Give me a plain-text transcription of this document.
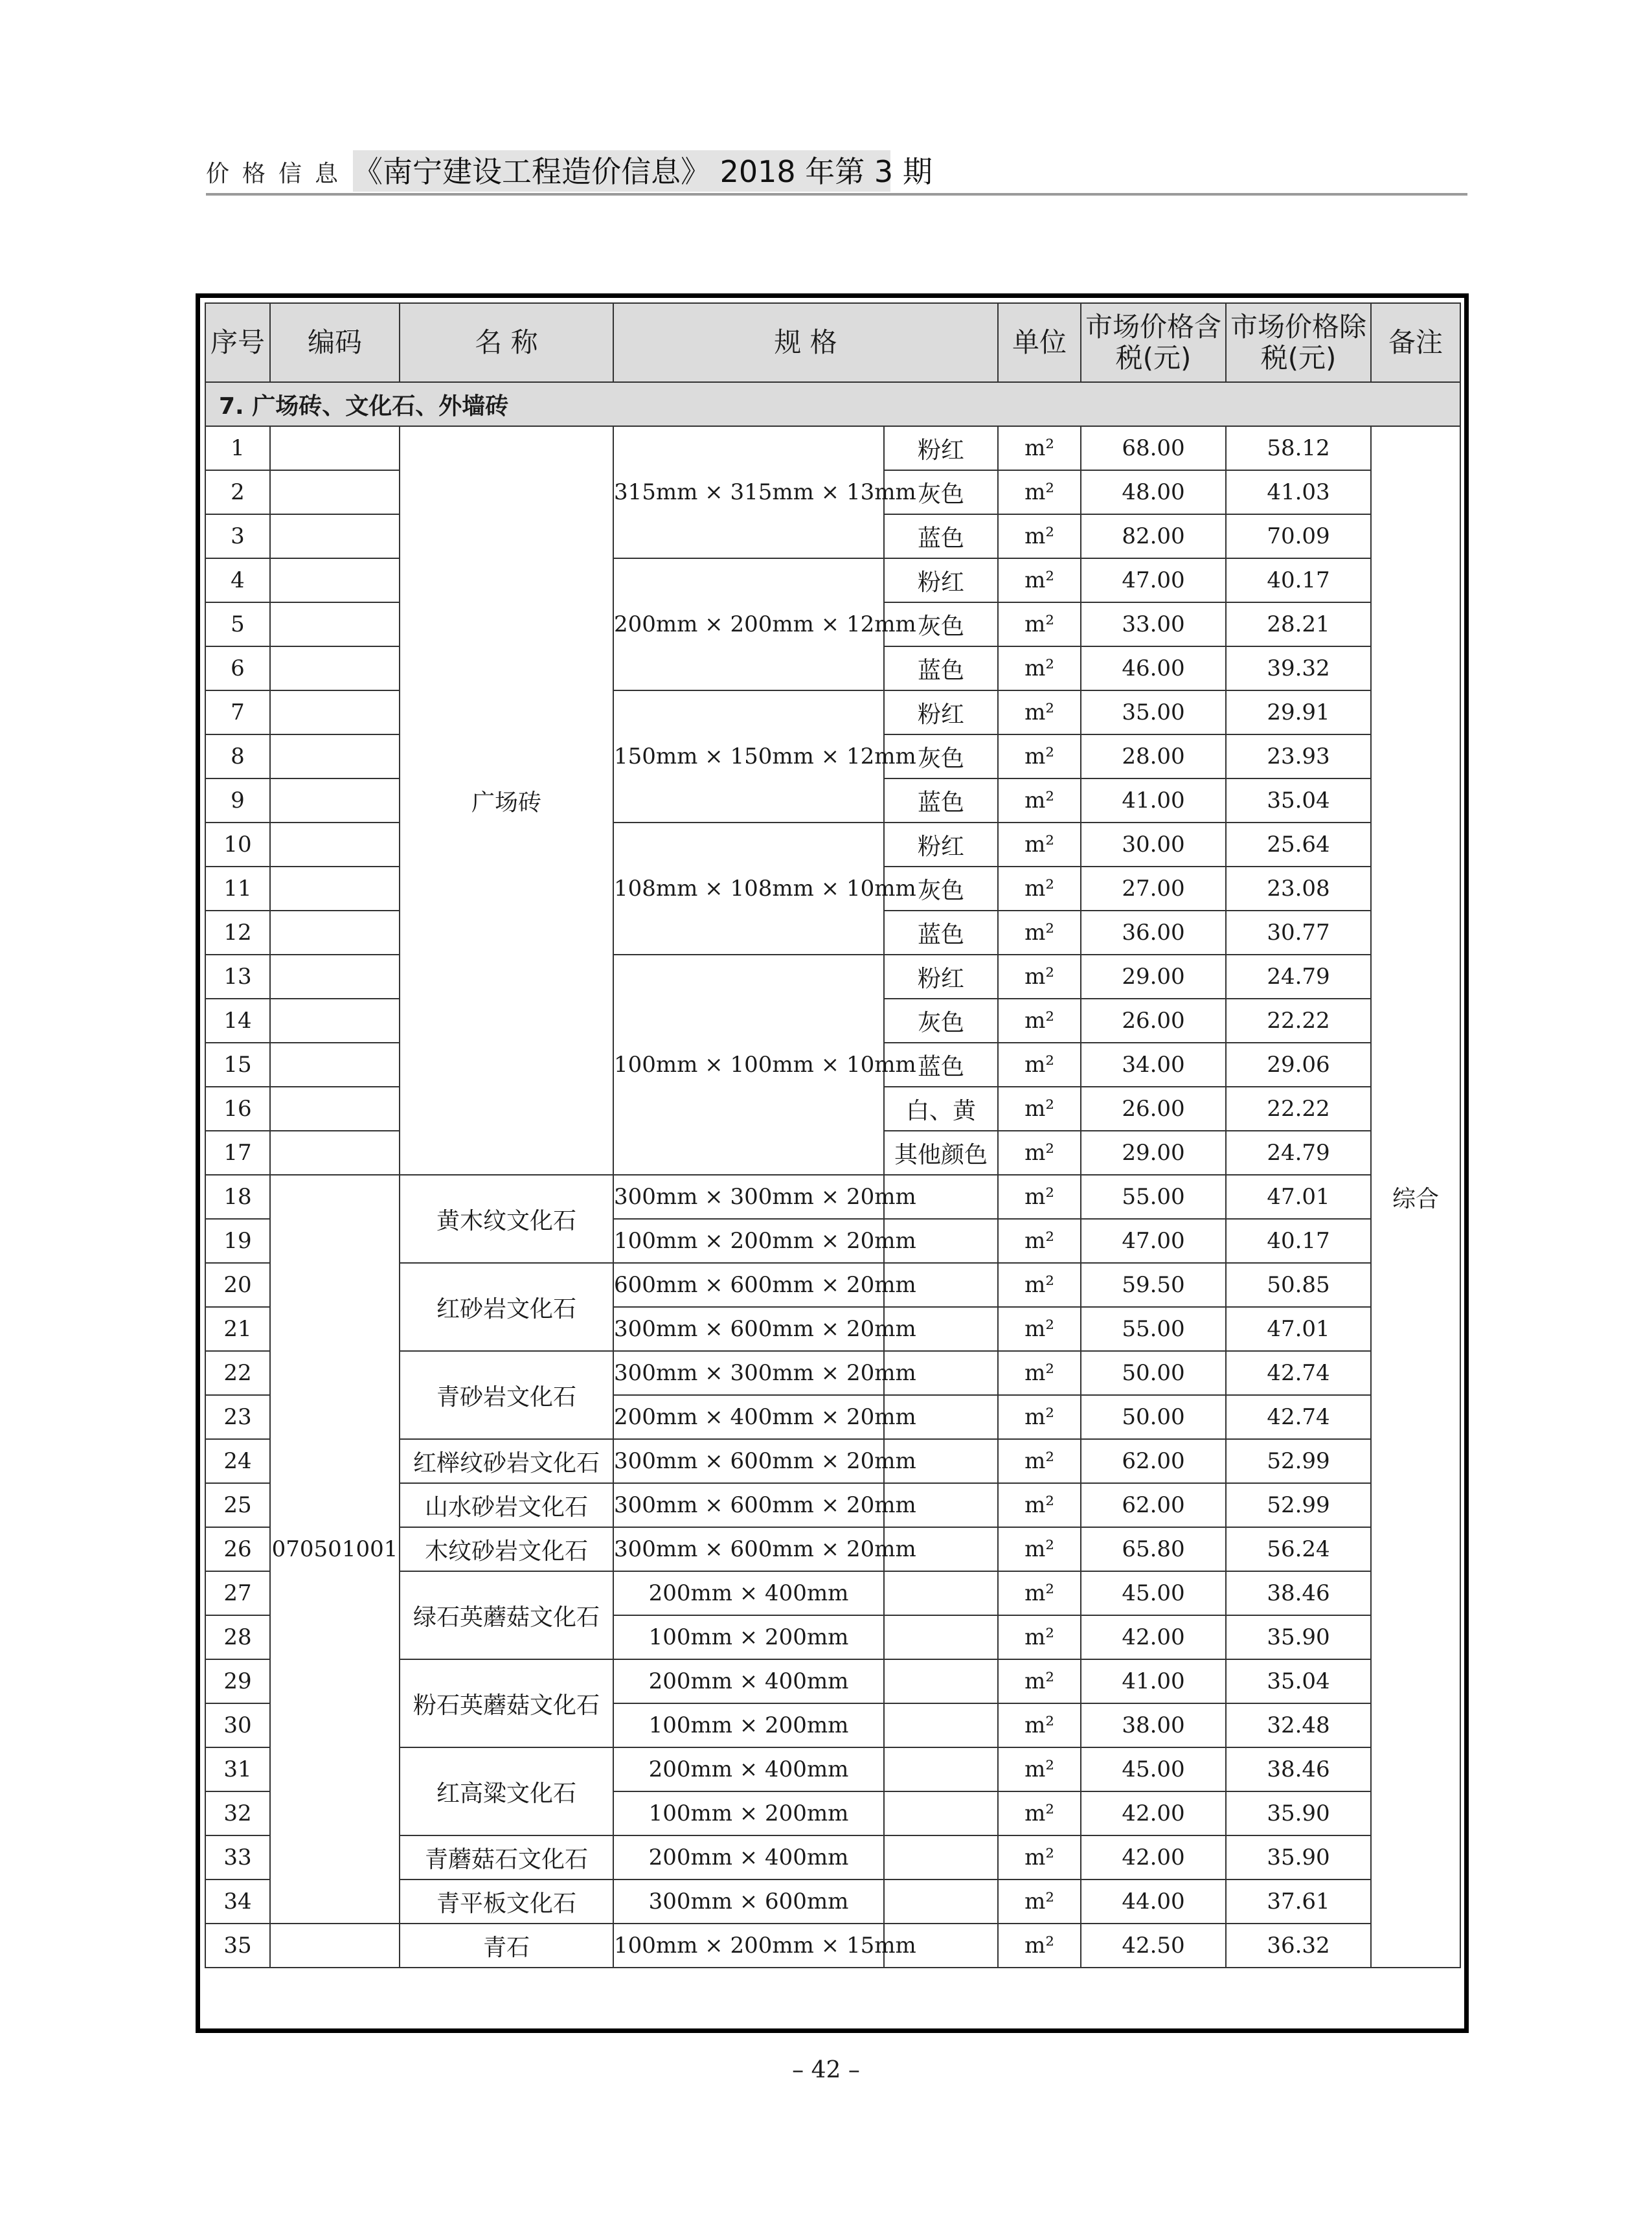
价格信息 《南宁建设工程造价信息》 2018 年第 3 期
序号	编码	名 称	规 格		单位	市场价格含税(元)	市场价格除税(元)	备注
7. 广场砖、文化石、外墙砖								
1		广场砖	315mm × 315mm × 13mm	粉红	m²	68.00	58.12	综合
2				灰色	m²	48.00	41.03	
3				蓝色	m²	82.00	70.09	
4			200mm × 200mm × 12mm	粉红	m²	47.00	40.17	
5				灰色	m²	33.00	28.21	
6				蓝色	m²	46.00	39.32	
7			150mm × 150mm × 12mm	粉红	m²	35.00	29.91	
8				灰色	m²	28.00	23.93	
9				蓝色	m²	41.00	35.04	
10			108mm × 108mm × 10mm	粉红	m²	30.00	25.64	
11				灰色	m²	27.00	23.08	
12				蓝色	m²	36.00	30.77	
13			100mm × 100mm × 10mm	粉红	m²	29.00	24.79	
14				灰色	m²	26.00	22.22	
15				蓝色	m²	34.00	29.06	
16				白、黄	m²	26.00	22.22	
17				其他颜色	m²	29.00	24.79	
18	070501001	黄木纹文化石	300mm × 300mm × 20mm		m²	55.00	47.01	
19			100mm × 200mm × 20mm		m²	47.00	40.17	
20		红砂岩文化石	600mm × 600mm × 20mm		m²	59.50	50.85	
21			300mm × 600mm × 20mm		m²	55.00	47.01	
22		青砂岩文化石	300mm × 300mm × 20mm		m²	50.00	42.74	
23			200mm × 400mm × 20mm		m²	50.00	42.74	
24		红榉纹砂岩文化石	300mm × 600mm × 20mm		m²	62.00	52.99	
25		山水砂岩文化石	300mm × 600mm × 20mm		m²	62.00	52.99	
26		木纹砂岩文化石	300mm × 600mm × 20mm		m²	65.80	56.24	
27		绿石英蘑菇文化石	200mm × 400mm		m²	45.00	38.46	
28			100mm × 200mm		m²	42.00	35.90	
29		粉石英蘑菇文化石	200mm × 400mm		m²	41.00	35.04	
30			100mm × 200mm		m²	38.00	32.48	
31		红高粱文化石	200mm × 400mm		m²	45.00	38.46	
32			100mm × 200mm		m²	42.00	35.90	
33		青蘑菇石文化石	200mm × 400mm		m²	42.00	35.90	
34		青平板文化石	300mm × 600mm		m²	44.00	37.61	
35		青石	100mm × 200mm × 15mm		m²	42.50	36.32	
– 42 –
